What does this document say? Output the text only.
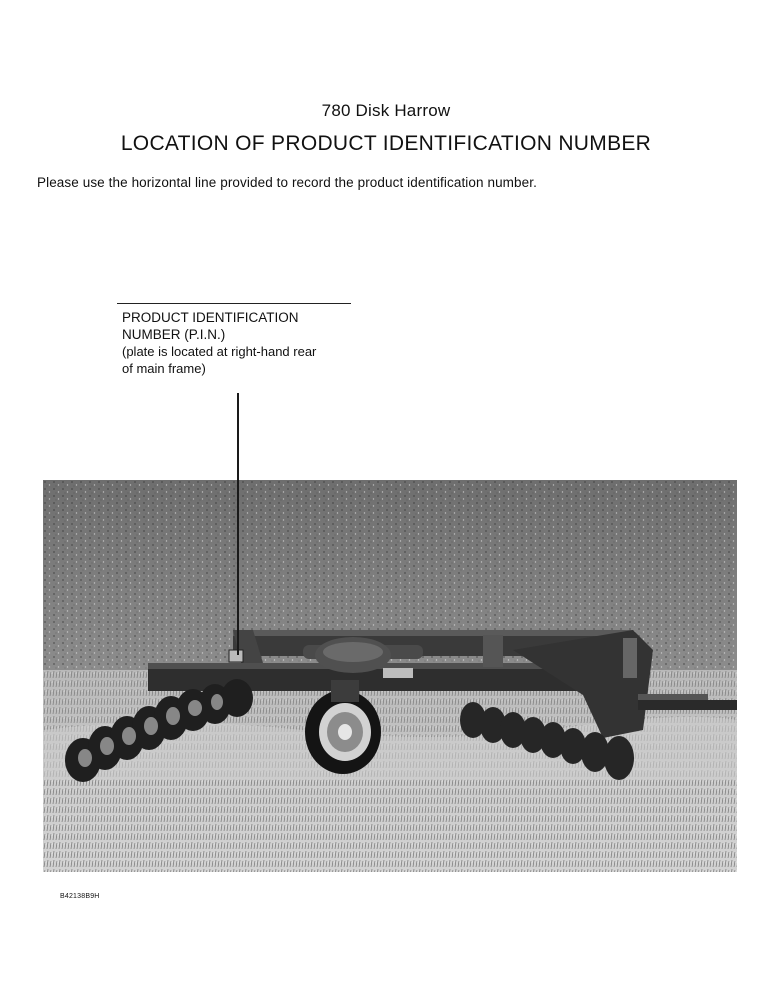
780 Disk Harrow
LOCATION OF PRODUCT IDENTIFICATION NUMBER
Please use the horizontal line provided to record the product identification number.
PRODUCT IDENTIFICATION
NUMBER (P.I.N.)
(plate is located at right-hand rear
of main frame)
B42138B9H
